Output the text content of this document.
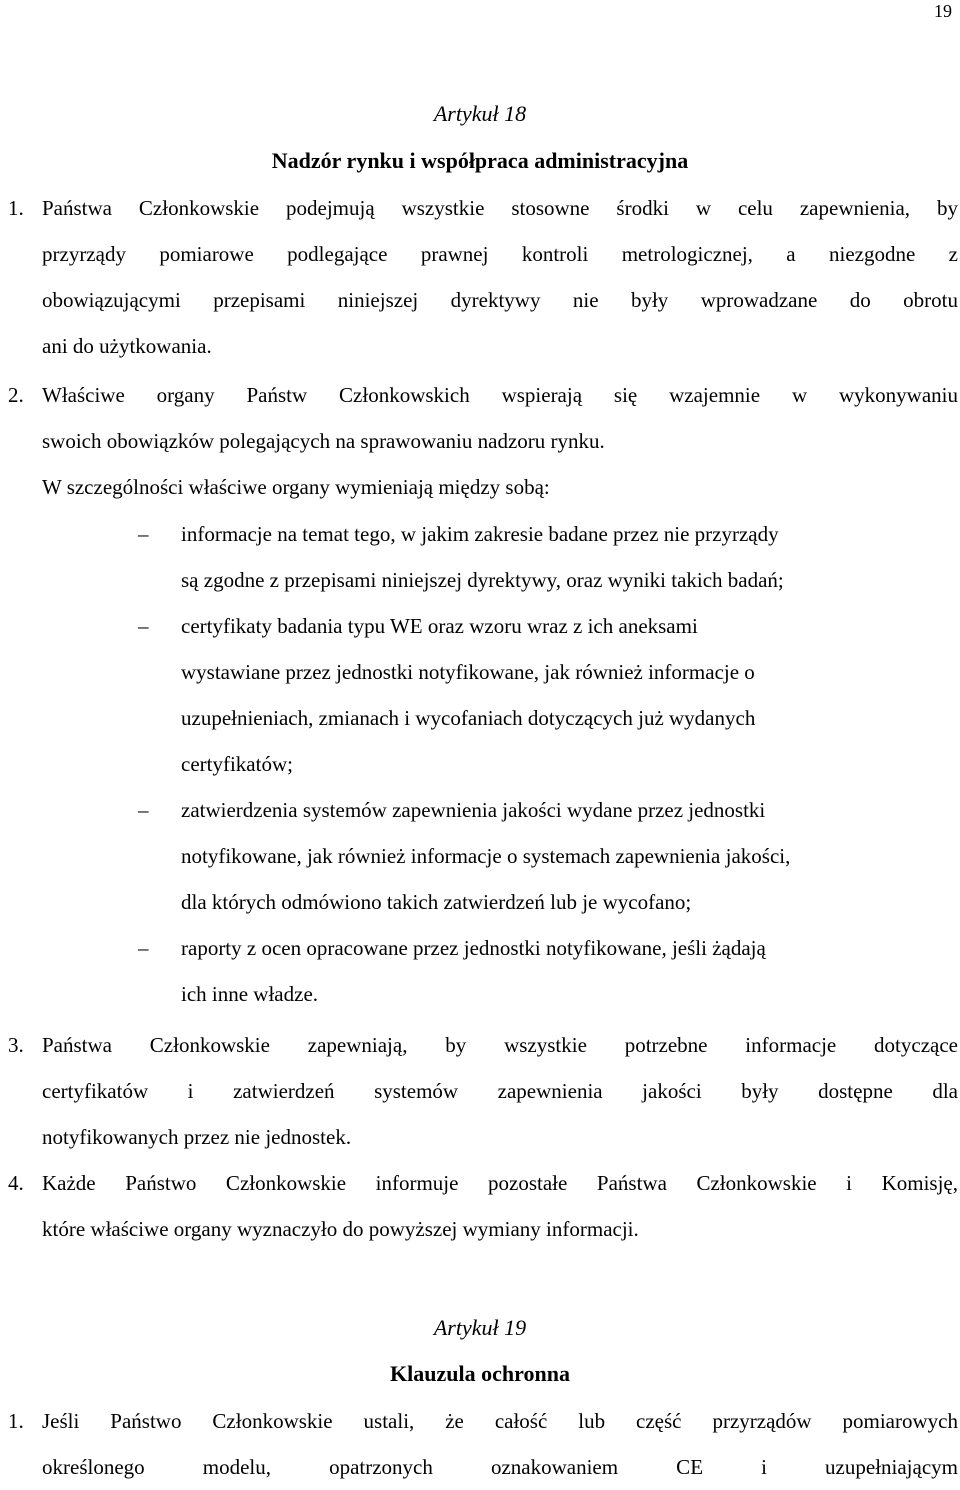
19
Artykuł 18
Nadzór rynku i współpraca administracyjna
1. Państwa Członkowskie podejmują wszystkie stosowne środki w celu zapewnienia, by
przyrządy pomiarowe podlegające prawnej kontroli metrologicznej, a niezgodne z
obowiązującymi przepisami niniejszej dyrektywy nie były wprowadzane do obrotu
ani do użytkowania.
2. Właściwe organy Państw Członkowskich wspierają się wzajemnie w wykonywaniu
swoich obowiązków polegających na sprawowaniu nadzoru rynku.
W szczególności właściwe organy wymieniają między sobą:
– informacje na temat tego, w jakim zakresie badane przez nie przyrządy
są zgodne z przepisami niniejszej dyrektywy, oraz wyniki takich badań;
– certyfikaty badania typu WE oraz wzoru wraz z ich aneksami
wystawiane przez jednostki notyfikowane, jak również informacje o
uzupełnieniach, zmianach i wycofaniach dotyczących już wydanych
certyfikatów;
– zatwierdzenia systemów zapewnienia jakości wydane przez jednostki
notyfikowane, jak również informacje o systemach zapewnienia jakości,
dla których odmówiono takich zatwierdzeń lub je wycofano;
– raporty z ocen opracowane przez jednostki notyfikowane, jeśli żądają
ich inne władze.
3. Państwa Członkowskie zapewniają, by wszystkie potrzebne informacje dotyczące
certyfikatów i zatwierdzeń systemów zapewnienia jakości były dostępne dla
notyfikowanych przez nie jednostek.
4. Każde Państwo Członkowskie informuje pozostałe Państwa Członkowskie i Komisję,
które właściwe organy wyznaczyło do powyższej wymiany informacji.
Artykuł 19
Klauzula ochronna
1. Jeśli Państwo Członkowskie ustali, że całość lub część przyrządów pomiarowych
określonego modelu, opatrzonych oznakowaniem CE i uzupełniającym
